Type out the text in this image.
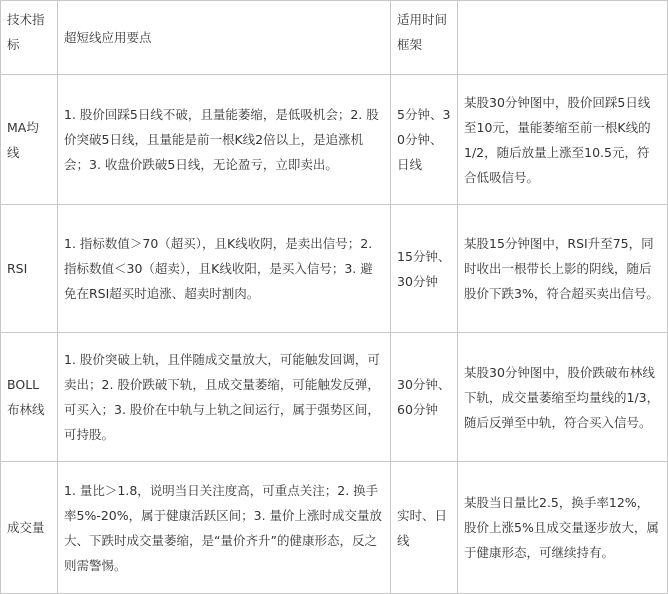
技术指标	超短线应用要点	适用时间框架	
MA均线	1. 股价回踩5日线不破，且量能萎缩，是低吸机会；2. 股价突破5日线，且量能是前一根K线2倍以上，是追涨机会；3. 收盘价跌破5日线，无论盈亏，立即卖出。	5分钟、30分钟、日线	某股30分钟图中，股价回踩5日线至10元，量能萎缩至前一根K线的1/2，随后放量上涨至10.5元，符合低吸信号。
RSI	1. 指标数值＞70（超买），且K线收阴，是卖出信号；2. 指标数值＜30（超卖），且K线收阳，是买入信号；3. 避免在RSI超买时追涨、超卖时割肉。	15分钟、30分钟	某股15分钟图中，RSI升至75，同时收出一根带长上影的阴线，随后股价下跌3%，符合超买卖出信号。
BOLL布林线	1. 股价突破上轨，且伴随成交量放大，可能触发回调，可卖出；2. 股价跌破下轨，且成交量萎缩，可能触发反弹，可买入；3. 股价在中轨与上轨之间运行，属于强势区间，可持股。	30分钟、60分钟	某股30分钟图中，股价跌破布林线下轨，成交量萎缩至均量线的1/3，随后反弹至中轨，符合买入信号。
成交量	1. 量比＞1.8，说明当日关注度高，可重点关注；2. 换手率5%-20%，属于健康活跃区间；3. 量价上涨时成交量放大、下跌时成交量萎缩，是“量价齐升”的健康形态，反之则需警惕。	实时、日线	某股当日量比2.5，换手率12%，股价上涨5%且成交量逐步放大，属于健康形态，可继续持有。
